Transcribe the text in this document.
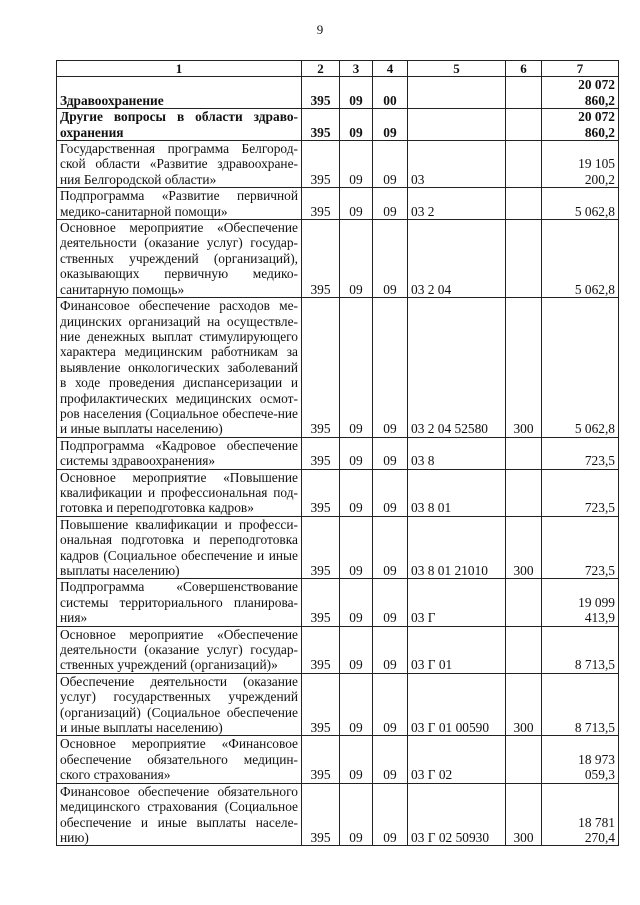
9
1	2	3	4	5	6	7
Здравоохранение	395	09	00			20 072 860,2
Другие вопросы в области здраво-охранения	395	09	09			20 072 860,2
Государственная программа Белгород-ской области «Развитие здравоохране-ния Белгородской области»	395	09	09	03		19 105 200,2
Подпрограмма «Развитие первичной медико-санитарной помощи»	395	09	09	03 2		5 062,8
Основное мероприятие «Обеспечение деятельности (оказание услуг) государ-ственных учреждений (организаций), оказывающих первичную медико-санитарную помощь»	395	09	09	03 2 04		5 062,8
Финансовое обеспечение расходов ме-дицинских организаций на осуществле-ние денежных выплат стимулирующего характера медицинским работникам за выявление онкологических заболеваний в ходе проведения диспансеризации и профилактических медицинских осмот-ров населения (Социальное обеспече-ние и иные выплаты населению)	395	09	09	03 2 04 52580	300	5 062,8
Подпрограмма «Кадровое обеспечение системы здравоохранения»	395	09	09	03 8		723,5
Основное мероприятие «Повышение квалификации и профессиональная под-готовка и переподготовка кадров»	395	09	09	03 8 01		723,5
Повышение квалификации и професси-ональная подготовка и переподготовка кадров (Социальное обеспечение и иные выплаты населению)	395	09	09	03 8 01 21010	300	723,5
Подпрограмма «Совершенствование системы территориального планирова-ния»	395	09	09	03 Г		19 099 413,9
Основное мероприятие «Обеспечение деятельности (оказание услуг) государ-ственных учреждений (организаций)»	395	09	09	03 Г 01		8 713,5
Обеспечение деятельности (оказание услуг) государственных учреждений (организаций) (Социальное обеспечение и иные выплаты населению)	395	09	09	03 Г 01 00590	300	8 713,5
Основное мероприятие «Финансовое обеспечение обязательного медицин-ского страхования»	395	09	09	03 Г 02		18 973 059,3
Финансовое обеспечение обязательного медицинского страхования (Социальное обеспечение и иные выплаты населе-нию)	395	09	09	03 Г 02 50930	300	18 781 270,4
